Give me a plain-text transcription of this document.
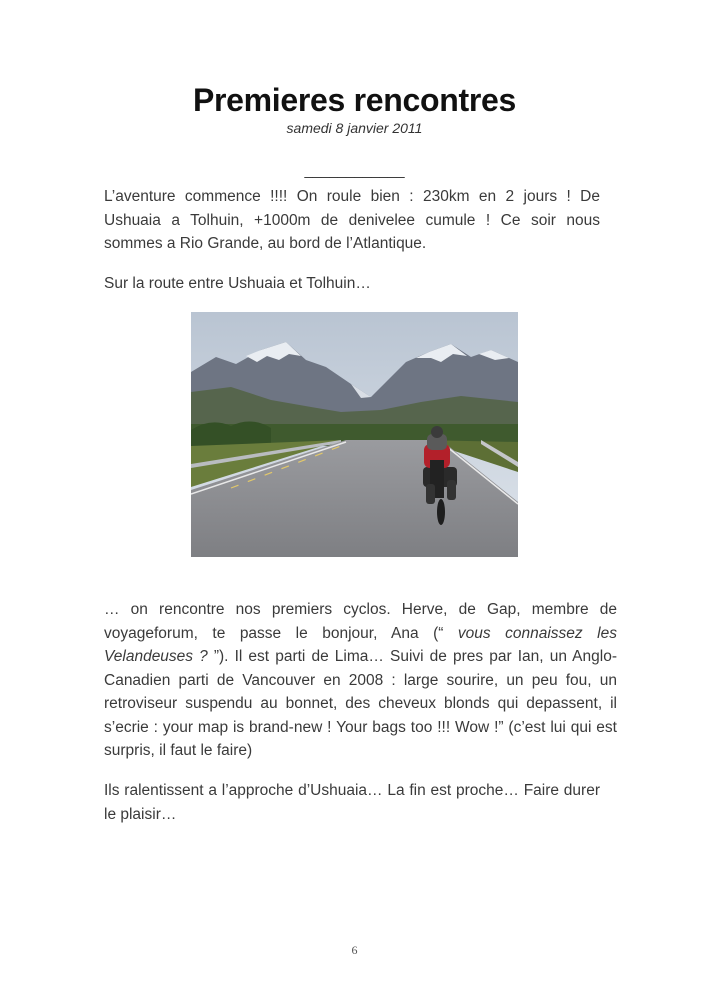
Premieres rencontres
samedi 8 janvier 2011
____________

L’aventure commence !!!! On roule bien : 230km en 2 jours ! De Ushuaia a Tolhuin, +1000m de denivelee cumule ! Ce soir nous sommes a Rio Grande, au bord de l’Atlantique.

Sur la route entre Ushuaia et Tolhuin…

… on rencontre nos premiers cyclos. Herve, de Gap, membre de voyageforum, te passe le bonjour, Ana (“ vous connaissez les Velandeuses ? ”). Il est parti de Lima… Suivi de pres par Ian, un Anglo-Canadien parti de Vancouver en 2008 : large sourire, un peu fou, un retroviseur suspendu au bonnet, des cheveux blonds qui depassent, il s’ecrie : your map is brand-new ! Your bags too !!! Wow !” (c’est lui qui est surpris, il faut le faire)

Ils ralentissent a l’approche d’Ushuaia… La fin est proche… Faire durer le plaisir…

6
